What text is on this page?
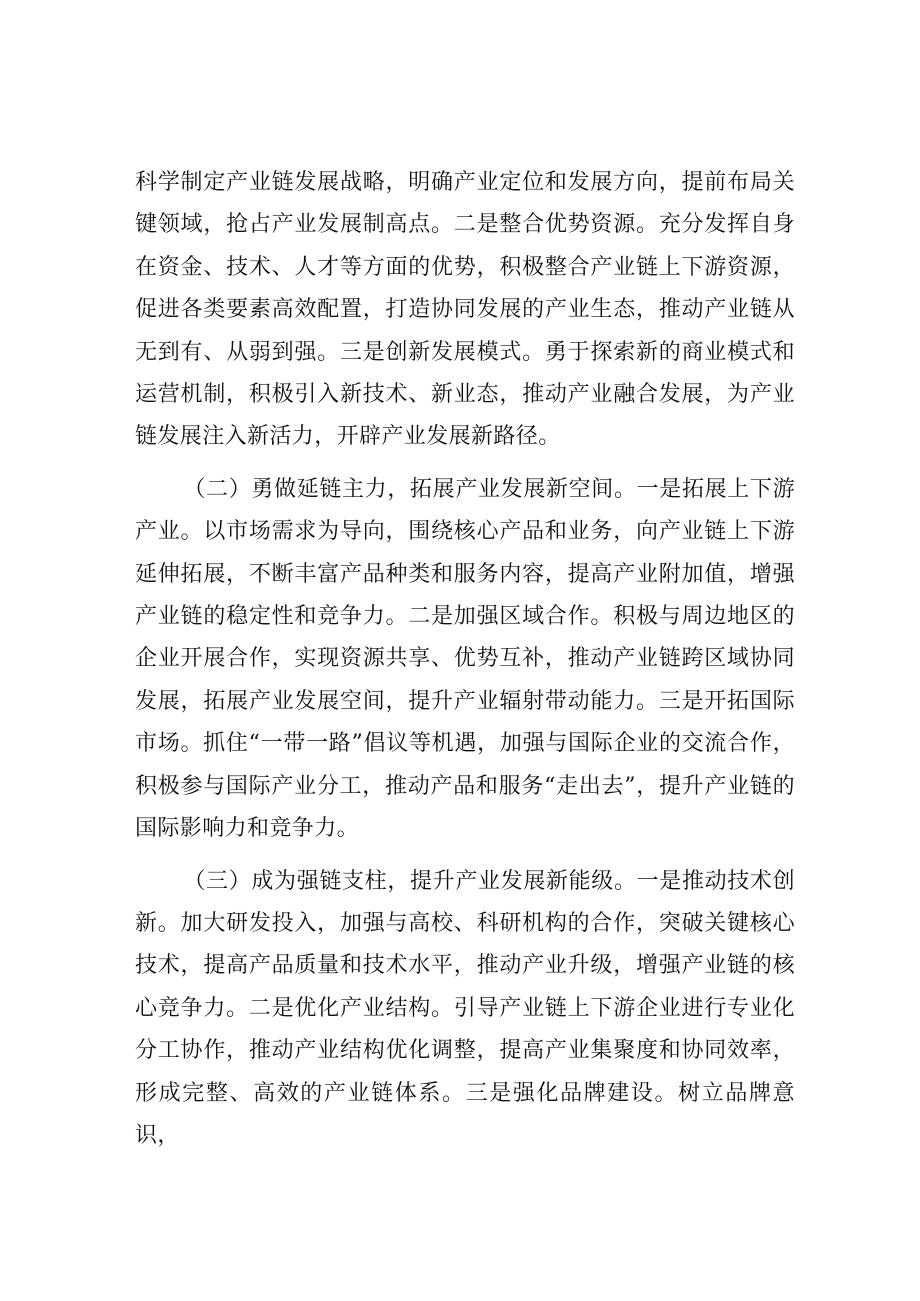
科学制定产业链发展战略，明确产业定位和发展方向，提前布局关键领域，抢占产业发展制高点。二是整合优势资源。充分发挥自身在资金、技术、人才等方面的优势，积极整合产业链上下游资源，促进各类要素高效配置，打造协同发展的产业生态，推动产业链从无到有、从弱到强。三是创新发展模式。勇于探索新的商业模式和运营机制，积极引入新技术、新业态，推动产业融合发展，为产业链发展注入新活力，开辟产业发展新路径。

（二）勇做延链主力，拓展产业发展新空间。一是拓展上下游产业。以市场需求为导向，围绕核心产品和业务，向产业链上下游延伸拓展，不断丰富产品种类和服务内容，提高产业附加值，增强产业链的稳定性和竞争力。二是加强区域合作。积极与周边地区的企业开展合作，实现资源共享、优势互补，推动产业链跨区域协同发展，拓展产业发展空间，提升产业辐射带动能力。三是开拓国际市场。抓住“一带一路”倡议等机遇，加强与国际企业的交流合作，积极参与国际产业分工，推动产品和服务“走出去”，提升产业链的国际影响力和竞争力。

（三）成为强链支柱，提升产业发展新能级。一是推动技术创新。加大研发投入，加强与高校、科研机构的合作，突破关键核心技术，提高产品质量和技术水平，推动产业升级，增强产业链的核心竞争力。二是优化产业结构。引导产业链上下游企业进行专业化分工协作，推动产业结构优化调整，提高产业集聚度和协同效率，形成完整、高效的产业链体系。三是强化品牌建设。树立品牌意识，
